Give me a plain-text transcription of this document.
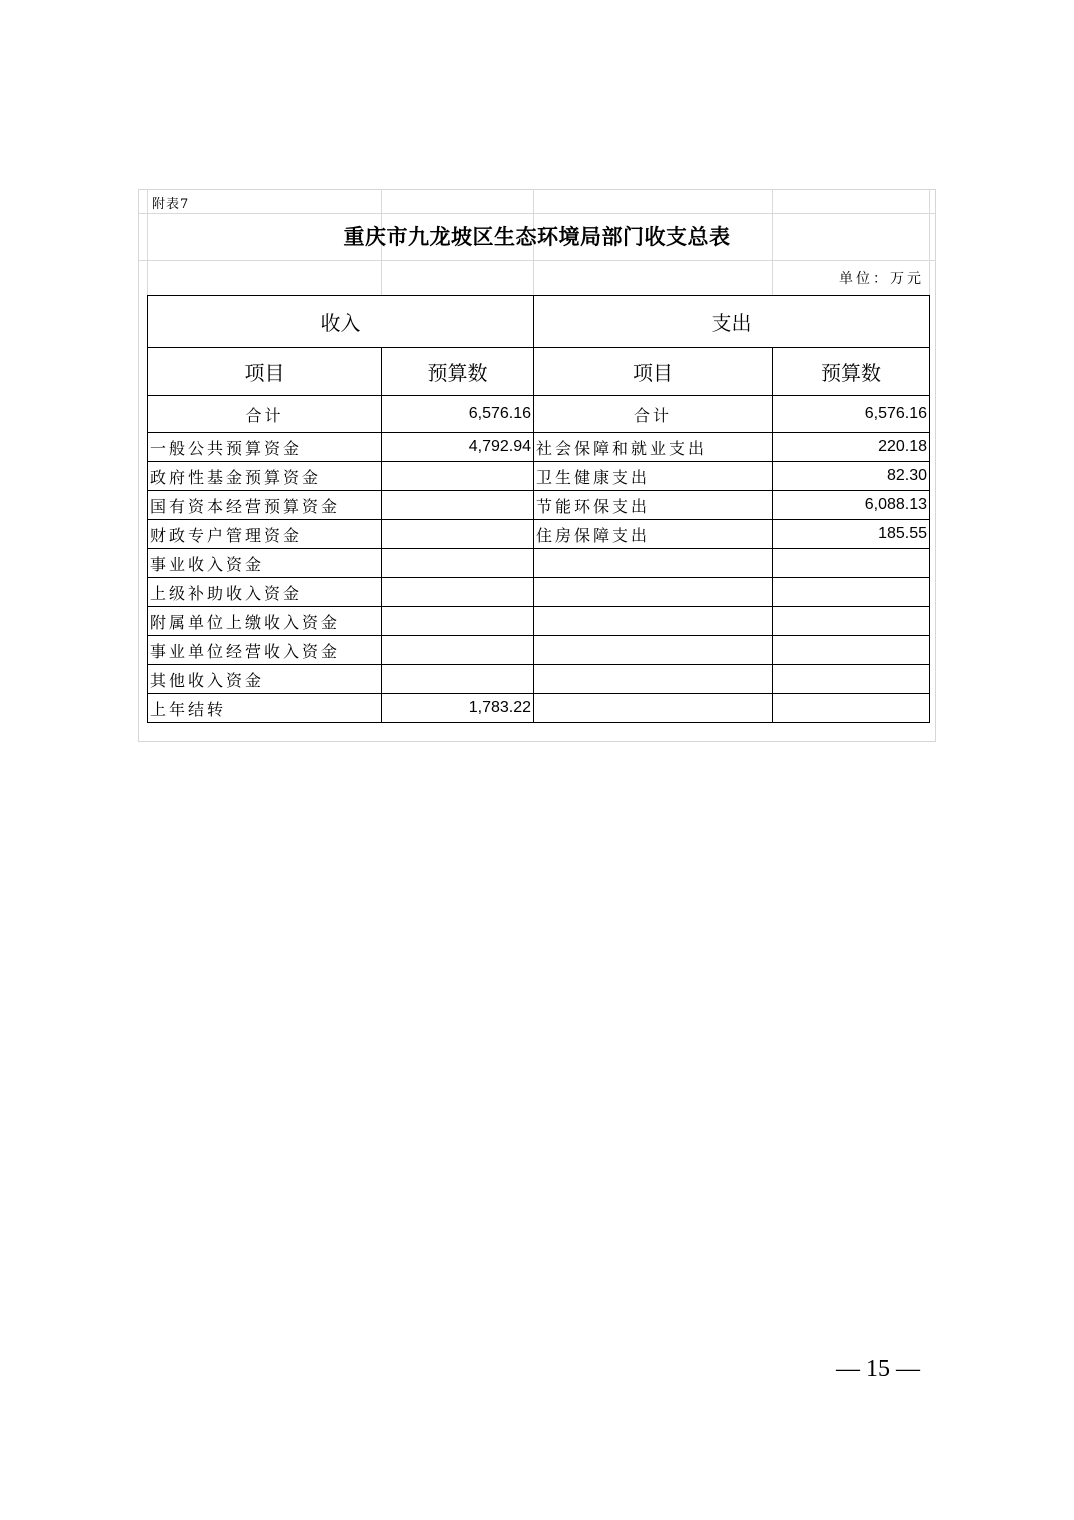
附表7
重庆市九龙坡区生态环境局部门收支总表
单位：万元
收入		支出	
项目	预算数	项目	预算数
合计	6,576.16	合计	6,576.16
一般公共预算资金	4,792.94	社会保障和就业支出	220.18
政府性基金预算资金		卫生健康支出	82.30
国有资本经营预算资金		节能环保支出	6,088.13
财政专户管理资金		住房保障支出	185.55
事业收入资金			
上级补助收入资金			
附属单位上缴收入资金			
事业单位经营收入资金			
其他收入资金			
上年结转	1,783.22		
— 15 —
